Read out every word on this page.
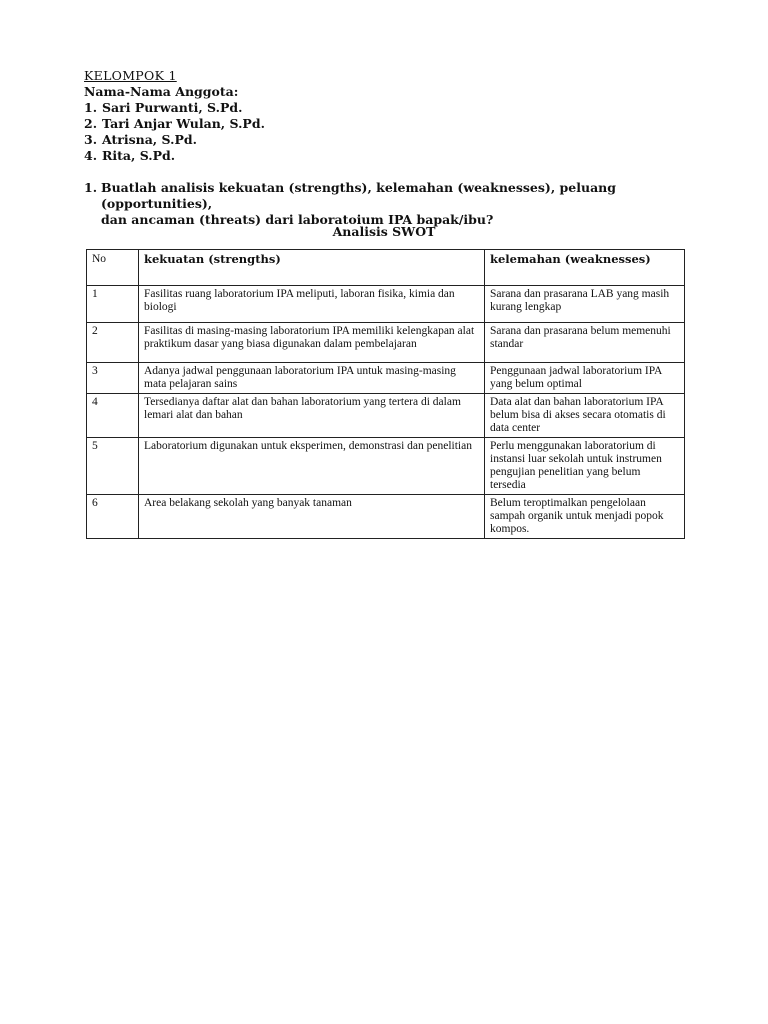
KELOMPOK 1
Nama-Nama Anggota:
1. Sari Purwanti, S.Pd.
2. Tari Anjar Wulan, S.Pd.
3. Atrisna, S.Pd.
4. Rita, S.Pd.
1. Buatlah analisis kekuatan (strengths), kelemahan (weaknesses), peluang (opportunities),
dan ancaman (threats) dari laboratoium IPA bapak/ibu?
Analisis SWOT
No	kekuatan (strengths)	kelemahan (weaknesses)
1	Fasilitas ruang laboratorium IPA meliputi, laboran fisika, kimia dan biologi	Sarana dan prasarana LAB yang masih kurang lengkap
2	Fasilitas di masing-masing laboratorium IPA memiliki kelengkapan alat praktikum dasar yang biasa digunakan dalam pembelajaran	Sarana dan prasarana belum memenuhi standar
3	Adanya jadwal penggunaan laboratorium IPA untuk masing-masing mata pelajaran sains	Penggunaan jadwal laboratorium IPA yang belum optimal
4	Tersedianya daftar alat dan bahan laboratorium yang tertera di dalam lemari alat dan bahan	Data alat dan bahan laboratorium IPA belum bisa di akses secara otomatis di data center
5	Laboratorium digunakan untuk eksperimen, demonstrasi dan penelitian	Perlu menggunakan laboratorium di instansi luar sekolah untuk instrumen pengujian penelitian yang belum tersedia
6	Area belakang sekolah yang banyak tanaman	Belum teroptimalkan pengelolaan sampah organik untuk menjadi popok kompos.
